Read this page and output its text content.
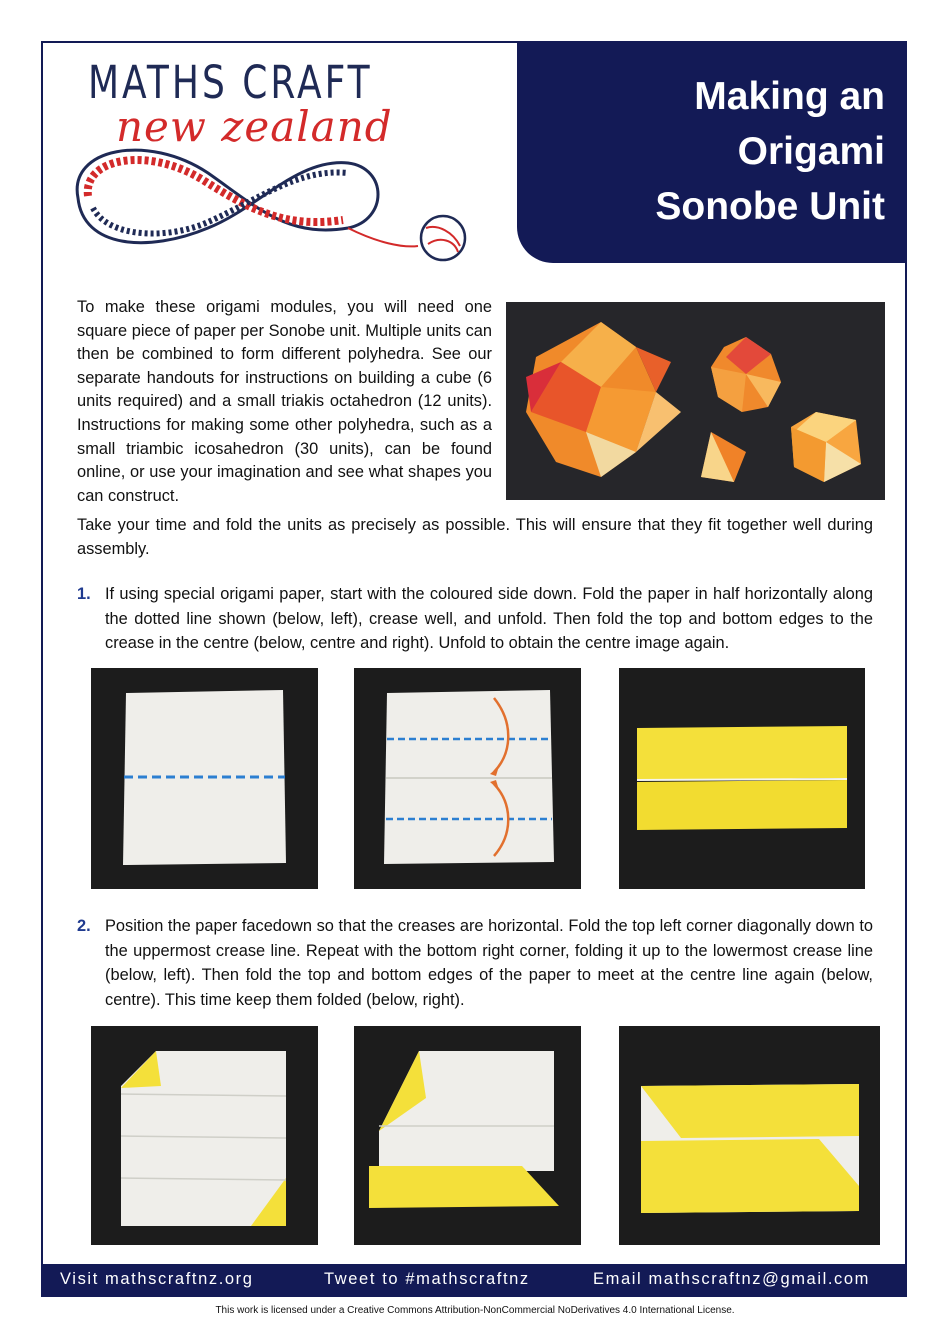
MATHS CRAFT
new zealand
Making an
Origami
Sonobe Unit

To make these origami modules, you will need one square piece of paper per Sonobe unit. Multiple units can then be combined to form different polyhedra. See our separate handouts for instructions on building a cube (6 units required) and a small triakis octahedron (12 units). Instructions for making some other polyhedra, such as a small triambic icosahedron (30 units), can be found online, or use your imagination and see what shapes you can construct.

Take your time and fold the units as precisely as possible. This will ensure that they fit together well during assembly.

1. If using special origami paper, start with the coloured side down. Fold the paper in half horizontally along the dotted line shown (below, left), crease well, and unfold. Then fold the top and bottom edges to the crease in the centre (below, centre and right). Unfold to obtain the centre image again.
2. Position the paper facedown so that the creases are horizontal. Fold the top left corner diagonally down to the uppermost crease line. Repeat with the bottom right corner, folding it up to the lowermost crease line (below, left). Then fold the top and bottom edges of the paper to meet at the centre line again (below, centre). This time keep them folded (below, right).
Visit mathscraftnz.org	Tweet to #mathscraftnz	Email mathscraftnz@gmail.com
This work is licensed under a Creative Commons Attribution-NonCommercial NoDerivatives 4.0 International License.
